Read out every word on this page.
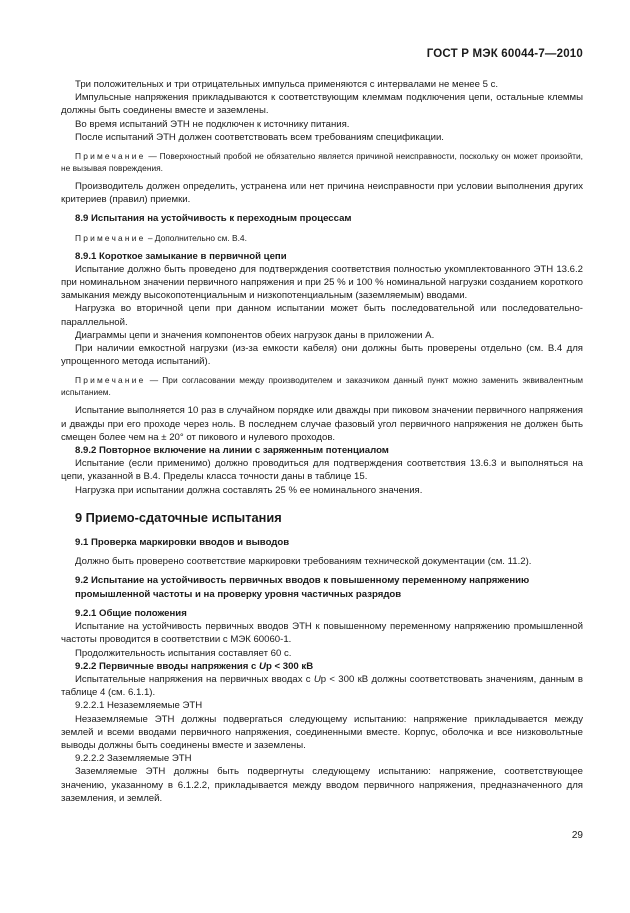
ГОСТ Р МЭК 60044-7—2010

Три положительных и три отрицательных импульса применяются с интервалами не менее 5 с.

Импульсные напряжения прикладываются к соответствующим клеммам подключения цепи, остальные клеммы должны быть соединены вместе и заземлены.

Во время испытаний ЭТН не подключен к источнику питания.

После испытаний ЭТН должен соответствовать всем требованиям спецификации.

Примечание — Поверхностный пробой не обязательно является причиной неисправности, поскольку он может произойти, не вызывая повреждения.

Производитель должен определить, устранена или нет причина неисправности при условии выполнения других критериев (правил) приемки.

8.9 Испытания на устойчивость к переходным процессам

Примечание – Дополнительно см. В.4.

8.9.1 Короткое замыкание в первичной цепи

Испытание должно быть проведено для подтверждения соответствия полностью укомплектованного ЭТН 13.6.2 при номинальном значении первичного напряжения и при 25 % и 100 % номинальной нагрузки созданием короткого замыкания между высокопотенциальным и низкопотенциальным (заземляемым) вводами.

Нагрузка во вторичной цепи при данном испытании может быть последовательной или последовательно-параллельной.

Диаграммы цепи и значения компонентов обеих нагрузок даны в приложении А.

При наличии емкостной нагрузки (из-за емкости кабеля) они должны быть проверены отдельно (см. В.4 для упрощенного метода испытаний).

Примечание — При согласовании между производителем и заказчиком данный пункт можно заменить эквивалентным испытанием.

Испытание выполняется 10 раз в случайном порядке или дважды при пиковом значении первичного напряжения и дважды при его проходе через ноль. В последнем случае фазовый угол первичного напряжения не должен быть смещен более чем на ± 20° от пикового и нулевого проходов.

8.9.2 Повторное включение на линии с заряженным потенциалом

Испытание (если применимо) должно проводиться для подтверждения соответствия 13.6.3 и выполняться на цепи, указанной в В.4. Пределы класса точности даны в таблице 15.

Нагрузка при испытании должна составлять 25 % ее номинального значения.

9 Приемо-сдаточные испытания

9.1 Проверка маркировки вводов и выводов

Должно быть проверено соответствие маркировки требованиям технической документации (см. 11.2).

9.2 Испытание на устойчивость первичных вводов к повышенному переменному напряжению промышленной частоты и на проверку уровня частичных разрядов

9.2.1 Общие положения

Испытание на устойчивость первичных вводов ЭТН к повышенному переменному напряжению промышленной частоты проводится в соответствии с МЭК 60060-1.

Продолжительность испытания составляет 60 с.

9.2.2 Первичные вводы напряжения с Uр < 300 кВ

Испытательные напряжения на первичных вводах с Uр < 300 кВ должны соответствовать значениям, данным в таблице 4 (см. 6.1.1).

9.2.2.1 Незаземляемые ЭТН

Незаземляемые ЭТН должны подвергаться следующему испытанию: напряжение прикладывается между землей и всеми вводами первичного напряжения, соединенными вместе. Корпус, оболочка и все низковольтные выводы должны быть соединены вместе и заземлены.

9.2.2.2 Заземляемые ЭТН

Заземляемые ЭТН должны быть подвергнуты следующему испытанию: напряжение, соответствующее значению, указанному в 6.1.2.2, прикладывается между вводом первичного напряжения, предназначенного для заземления, и землей.

29
